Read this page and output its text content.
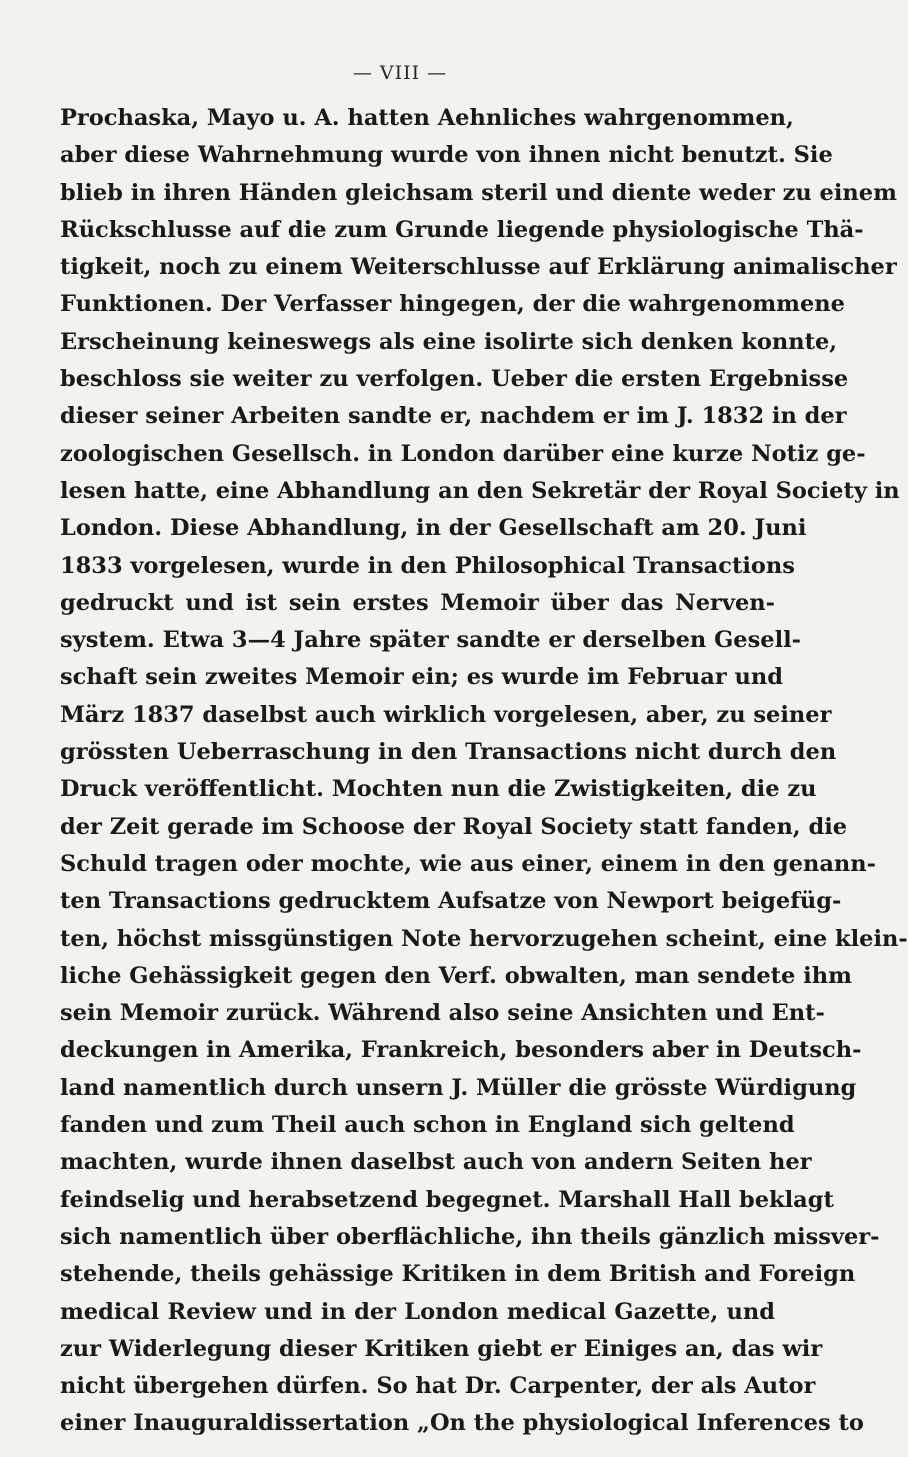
— VIII —
Prochaska, Mayo u. A. hatten Aehnliches wahrgenommen,
aber diese Wahrnehmung wurde von ihnen nicht benutzt. Sie
blieb in ihren Händen gleichsam steril und diente weder zu einem
Rückschlusse auf die zum Grunde liegende physiologische Thä-
tigkeit, noch zu einem Weiterschlusse auf Erklärung animalischer
Funktionen. Der Verfasser hingegen, der die wahrgenommene
Erscheinung keineswegs als eine isolirte sich denken konnte,
beschloss sie weiter zu verfolgen. Ueber die ersten Ergebnisse
dieser seiner Arbeiten sandte er, nachdem er im J. 1832 in der
zoologischen Gesellsch. in London darüber eine kurze Notiz ge-
lesen hatte, eine Abhandlung an den Sekretär der Royal Society in
London. Diese Abhandlung, in der Gesellschaft am 20. Juni
1833 vorgelesen, wurde in den Philosophical Transactions
gedruckt und ist sein erstes Memoir über das Nerven-
system. Etwa 3—4 Jahre später sandte er derselben Gesell-
schaft sein zweites Memoir ein; es wurde im Februar und
März 1837 daselbst auch wirklich vorgelesen, aber, zu seiner
grössten Ueberraschung in den Transactions nicht durch den
Druck veröffentlicht. Mochten nun die Zwistigkeiten, die zu
der Zeit gerade im Schoose der Royal Society statt fanden, die
Schuld tragen oder mochte, wie aus einer, einem in den genann-
ten Transactions gedrucktem Aufsatze von Newport beigefüg-
ten, höchst missgünstigen Note hervorzugehen scheint, eine klein-
liche Gehässigkeit gegen den Verf. obwalten, man sendete ihm
sein Memoir zurück. Während also seine Ansichten und Ent-
deckungen in Amerika, Frankreich, besonders aber in Deutsch-
land namentlich durch unsern J. Müller die grösste Würdigung
fanden und zum Theil auch schon in England sich geltend
machten, wurde ihnen daselbst auch von andern Seiten her
feindselig und herabsetzend begegnet. Marshall Hall beklagt
sich namentlich über oberflächliche, ihn theils gänzlich missver-
stehende, theils gehässige Kritiken in dem British and Foreign
medical Review und in der London medical Gazette, und
zur Widerlegung dieser Kritiken giebt er Einiges an, das wir
nicht übergehen dürfen. So hat Dr. Carpenter, der als Autor
einer Inauguraldissertation „On the physiological Inferences to
